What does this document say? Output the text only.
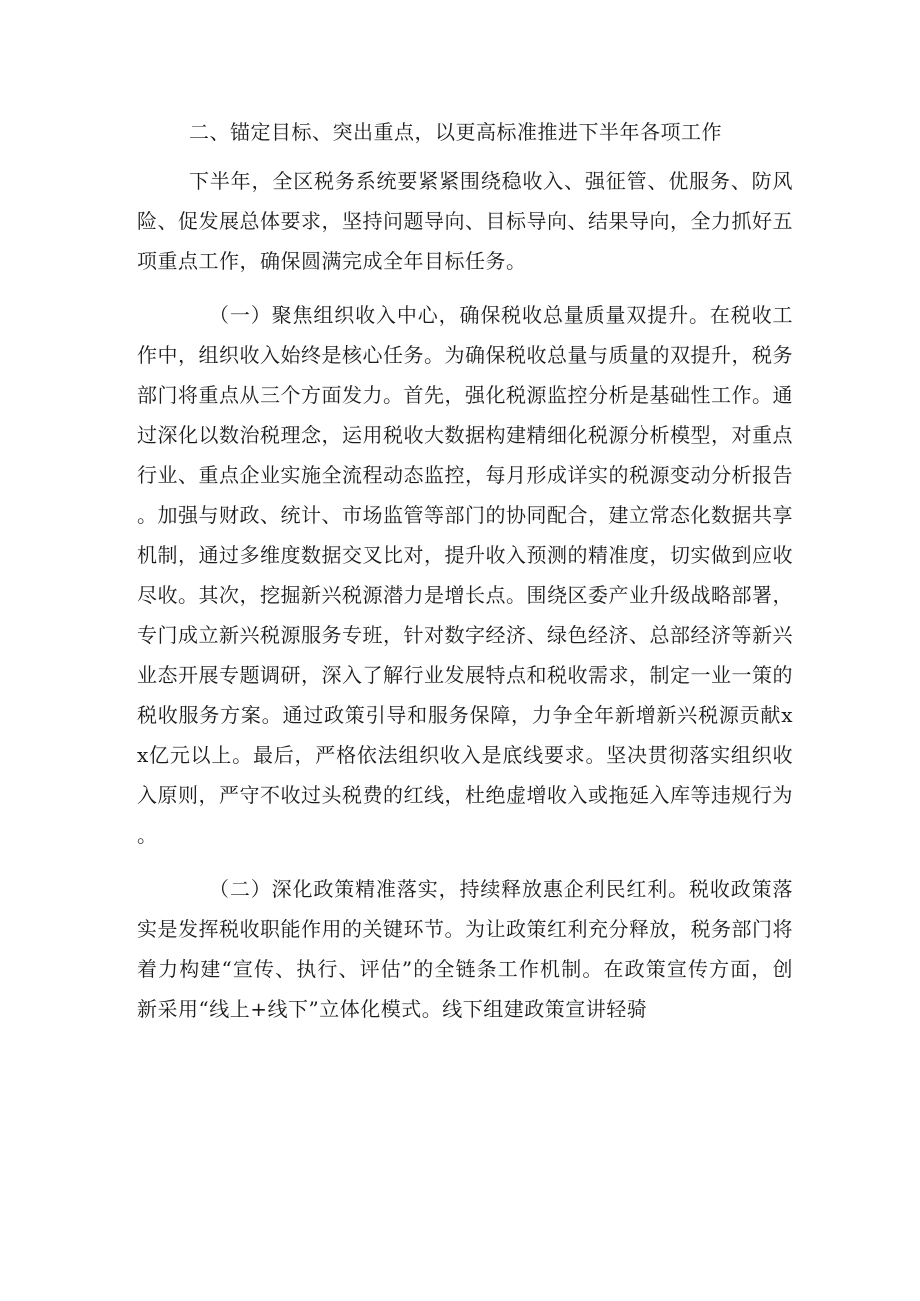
二、锚定目标、突出重点，以更高标准推进下半年各项工作

下半年，全区税务系统要紧紧围绕稳收入、强征管、优服务、防风险、促发展总体要求，坚持问题导向、目标导向、结果导向，全力抓好五项重点工作，确保圆满完成全年目标任务。

（一）聚焦组织收入中心，确保税收总量质量双提升。在税收工作中，组织收入始终是核心任务。为确保税收总量与质量的双提升，税务部门将重点从三个方面发力。首先，强化税源监控分析是基础性工作。通过深化以数治税理念，运用税收大数据构建精细化税源分析模型，对重点行业、重点企业实施全流程动态监控，每月形成详实的税源变动分析报告。加强与财政、统计、市场监管等部门的协同配合，建立常态化数据共享机制，通过多维度数据交叉比对，提升收入预测的精准度，切实做到应收尽收。其次，挖掘新兴税源潜力是增长点。围绕区委产业升级战略部署，专门成立新兴税源服务专班，针对数字经济、绿色经济、总部经济等新兴业态开展专题调研，深入了解行业发展特点和税收需求，制定一业一策的税收服务方案。通过政策引导和服务保障，力争全年新增新兴税源贡献xx亿元以上。最后，严格依法组织收入是底线要求。坚决贯彻落实组织收入原则，严守不收过头税费的红线，杜绝虚增收入或拖延入库等违规行为。

（二）深化政策精准落实，持续释放惠企利民红利。税收政策落实是发挥税收职能作用的关键环节。为让政策红利充分释放，税务部门将着力构建“宣传、执行、评估”的全链条工作机制。在政策宣传方面，创新采用“线上+线下”立体化模式。线下组建政策宣讲轻骑
